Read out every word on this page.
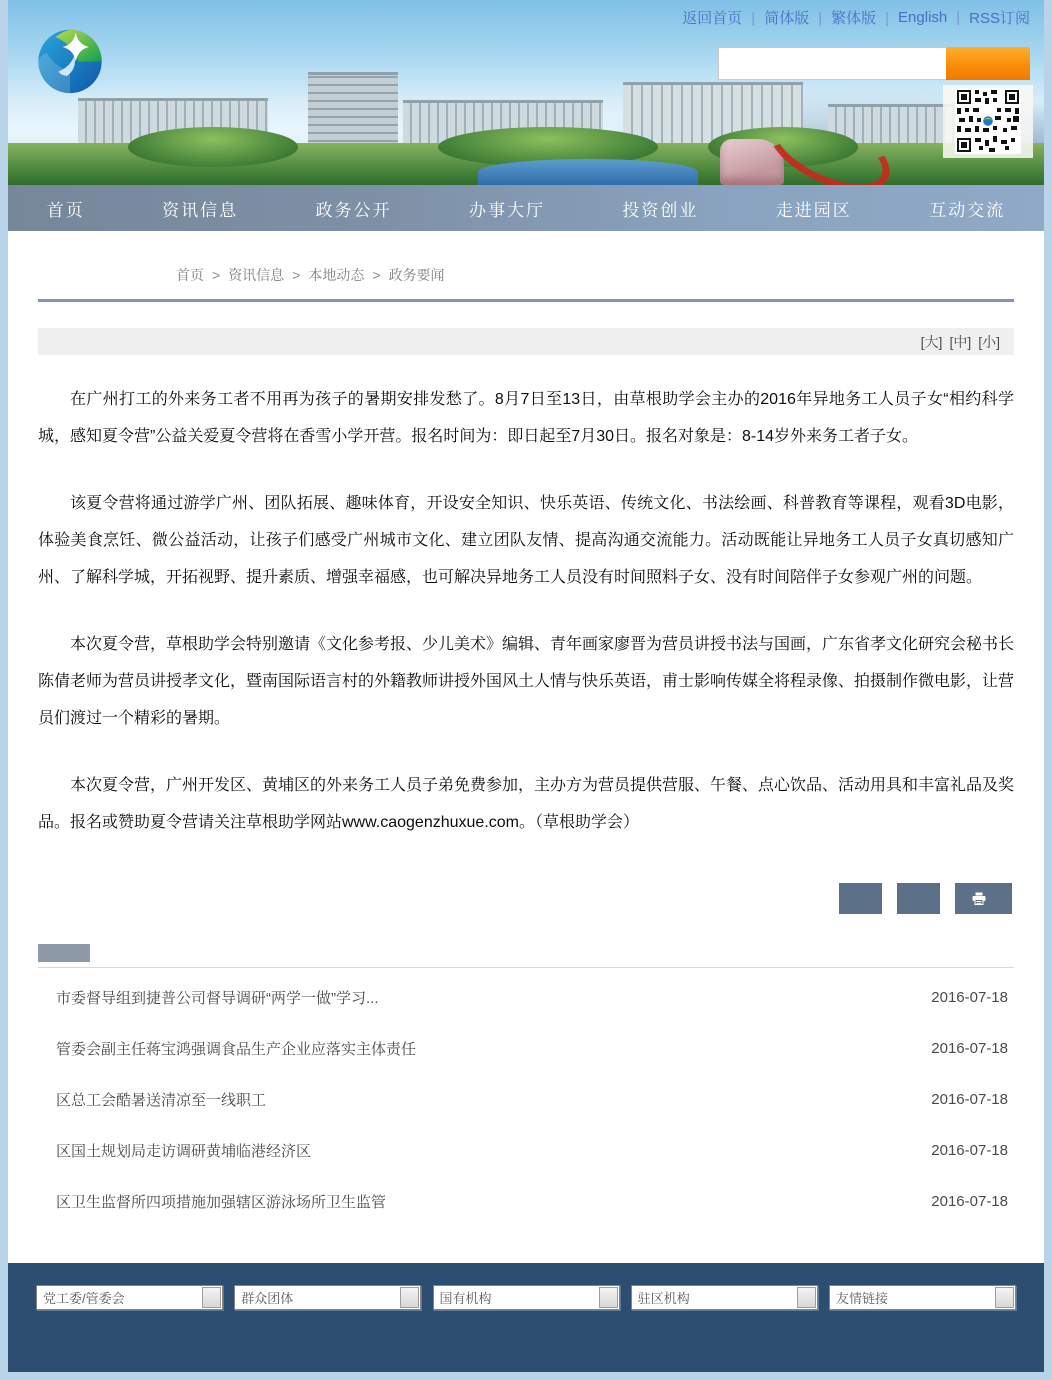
返回首页 |	简体版 |	繁体版 |	English |	RSS订阅
首页	资讯信息	政务公开	办事大厅	投资创业	走进园区	互动交流
首页 >	资讯信息 >	本地动态 >	政务要闻
[大] [中] [小]

在广州打工的外来务工者不用再为孩子的暑期安排发愁了。8月7日至13日，由草根助学会主办的2016年异地务工人员子女“相约科学城，感知夏令营”公益关爱夏令营将在香雪小学开营。报名时间为：即日起至7月30日。报名对象是：8-14岁外来务工者子女。

该夏令营将通过游学广州、团队拓展、趣味体育，开设安全知识、快乐英语、传统文化、书法绘画、科普教育等课程，观看3D电影，体验美食烹饪、微公益活动，让孩子们感受广州城市文化、建立团队友情、提高沟通交流能力。活动既能让异地务工人员子女真切感知广州、了解科学城，开拓视野、提升素质、增强幸福感，也可解决异地务工人员没有时间照料子女、没有时间陪伴子女参观广州的问题。

本次夏令营，草根助学会特别邀请《文化参考报、少儿美术》编辑、青年画家廖晋为营员讲授书法与国画，广东省孝文化研究会秘书长陈倩老师为营员讲授孝文化，暨南国际语言村的外籍教师讲授外国风土人情与快乐英语，甫士影响传媒全将程录像、拍摄制作微电影，让营员们渡过一个精彩的暑期。

本次夏令营，广州开发区、黄埔区的外来务工人员子弟免费参加，主办方为营员提供营服、午餐、点心饮品、活动用具和丰富礼品及奖品。报名或赞助夏令营请关注草根助学网站www.caogenzhuxue.com。（草根助学会）

市委督导组到捷普公司督导调研“两学一做”学习...	2016-07-18
管委会副主任蒋宝鸿强调食品生产企业应落实主体责任	2016-07-18
区总工会酷暑送清凉至一线职工	2016-07-18
区国土规划局走访调研黄埔临港经济区	2016-07-18
区卫生监督所四项措施加强辖区游泳场所卫生监管	2016-07-18
党工委/管委会	群众团体	国有机构	驻区机构	友情链接
